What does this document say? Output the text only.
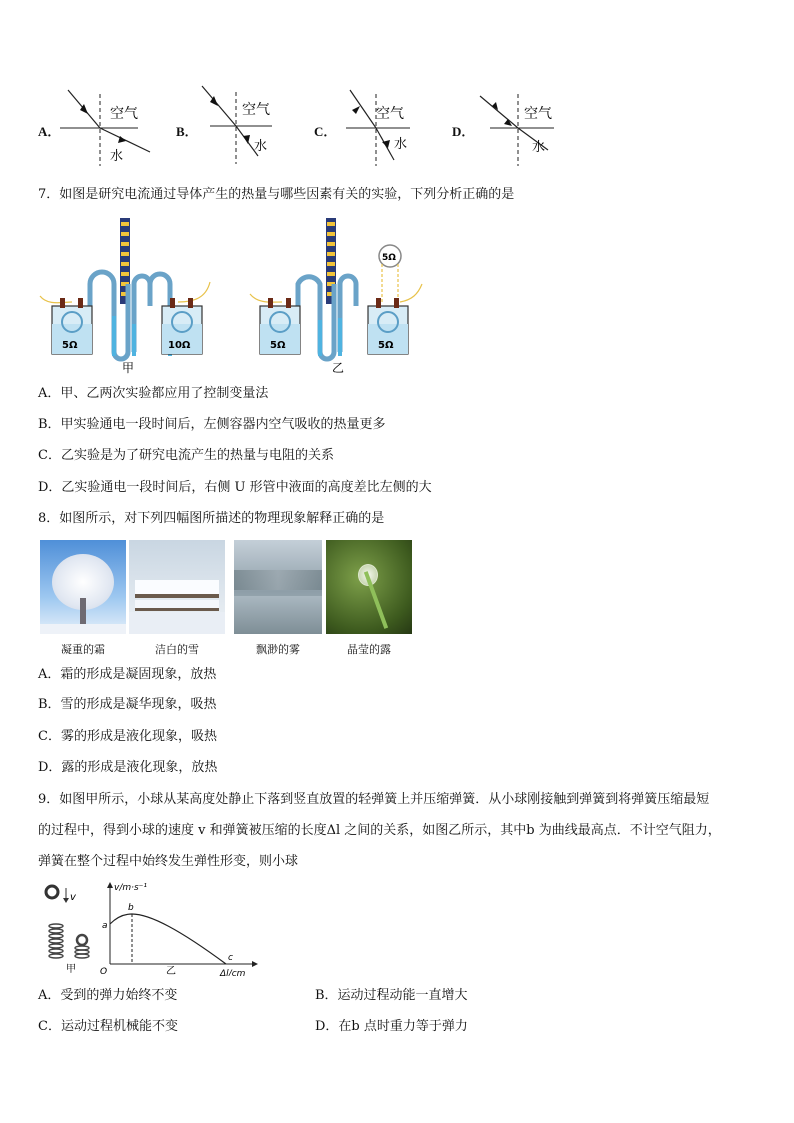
A．
空气
水
B．
空气
水
C．
空气
水
D．
空气
水
7．如图是研究电流通过导体产生的热量与哪些因素有关的实验，下列分析正确的是
5Ω	10Ω
甲
5Ω
5Ω	5Ω
乙
A．甲、乙两次实验都应用了控制变量法
B．甲实验通电一段时间后，左侧容器内空气吸收的热量更多
C．乙实验是为了研究电流产生的热量与电阻的关系
D．乙实验通电一段时间后，右侧 U 形管中液面的高度差比左侧的大
8．如图所示，对下列四幅图所描述的物理现象解释正确的是
凝重的霜	洁白的雪	飘渺的雾	晶莹的露
A．霜的形成是凝固现象，放热
B．雪的形成是凝华现象，吸热
C．雾的形成是液化现象，吸热
D．露的形成是液化现象，放热
9．如图甲所示，小球从某高度处静止下落到竖直放置的轻弹簧上并压缩弹簧．从小球刚接触到弹簧到将弹簧压缩最短
的过程中，得到小球的速度 v 和弹簧被压缩的长度Δl 之间的关系，如图乙所示，其中b 为曲线最高点．不计空气阻力，
弹簧在整个过程中始终发生弹性形变，则小球
v
甲
v/m·s⁻¹
Δl/cm
O
a
b
c
乙
A．受到的弹力始终不变	B．运动过程动能一直增大
C．运动过程机械能不变	D．在b 点时重力等于弹力
